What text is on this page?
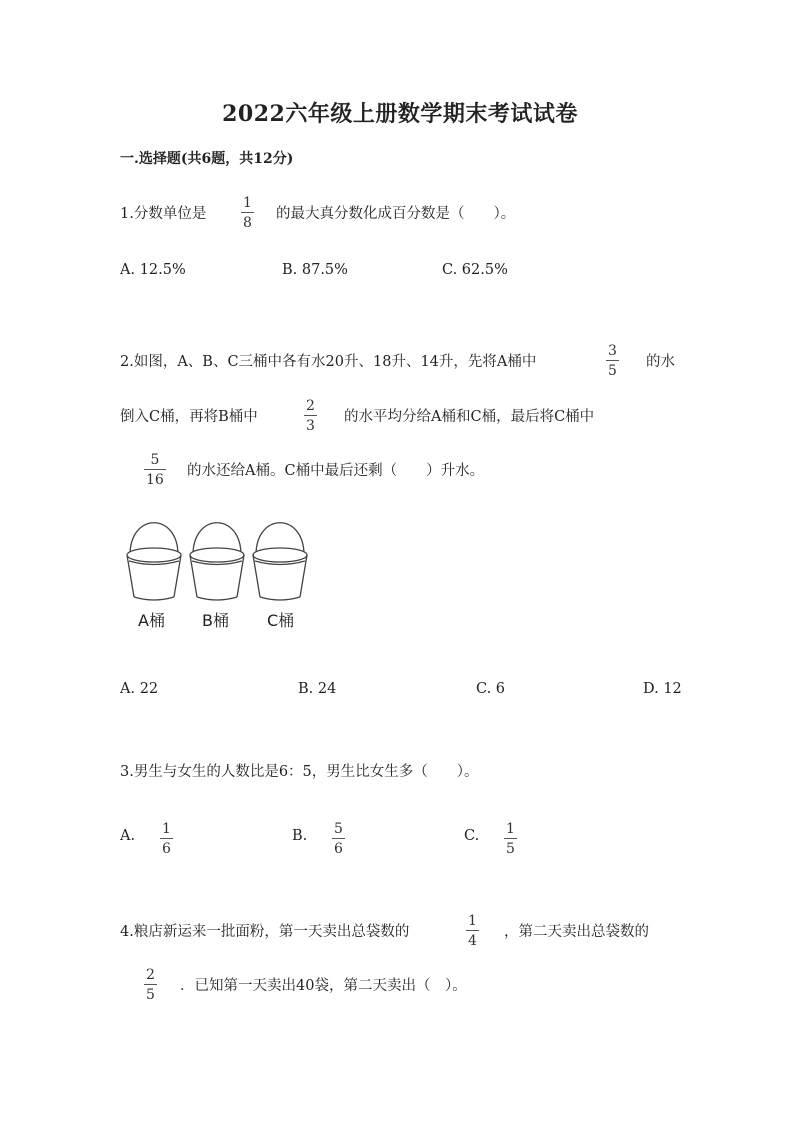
2022六年级上册数学期末考试试卷
一.选择题(共6题，共12分)
1.分数单位是
1
8
的最大真分数化成百分数是（　　）。
A. 12.5%	B. 87.5%	C. 62.5%
2.如图，A、B、C三桶中各有水20升、18升、14升，先将A桶中
3
5
的水
倒入C桶，再将B桶中
2
3
的水平均分给A桶和C桶，最后将C桶中
5
16
的水还给A桶。C桶中最后还剩（　　）升水。
A桶 B桶 C桶
A. 22	B. 24	C. 6	D. 12
3.男生与女生的人数比是6：5，男生比女生多（　　）。
A. 1
6
B. 5
6
C. 1
5
4.粮店新运来一批面粉，第一天卖出总袋数的
1
4
，第二天卖出总袋数的
2
5
．已知第一天卖出40袋，第二天卖出（　）。
